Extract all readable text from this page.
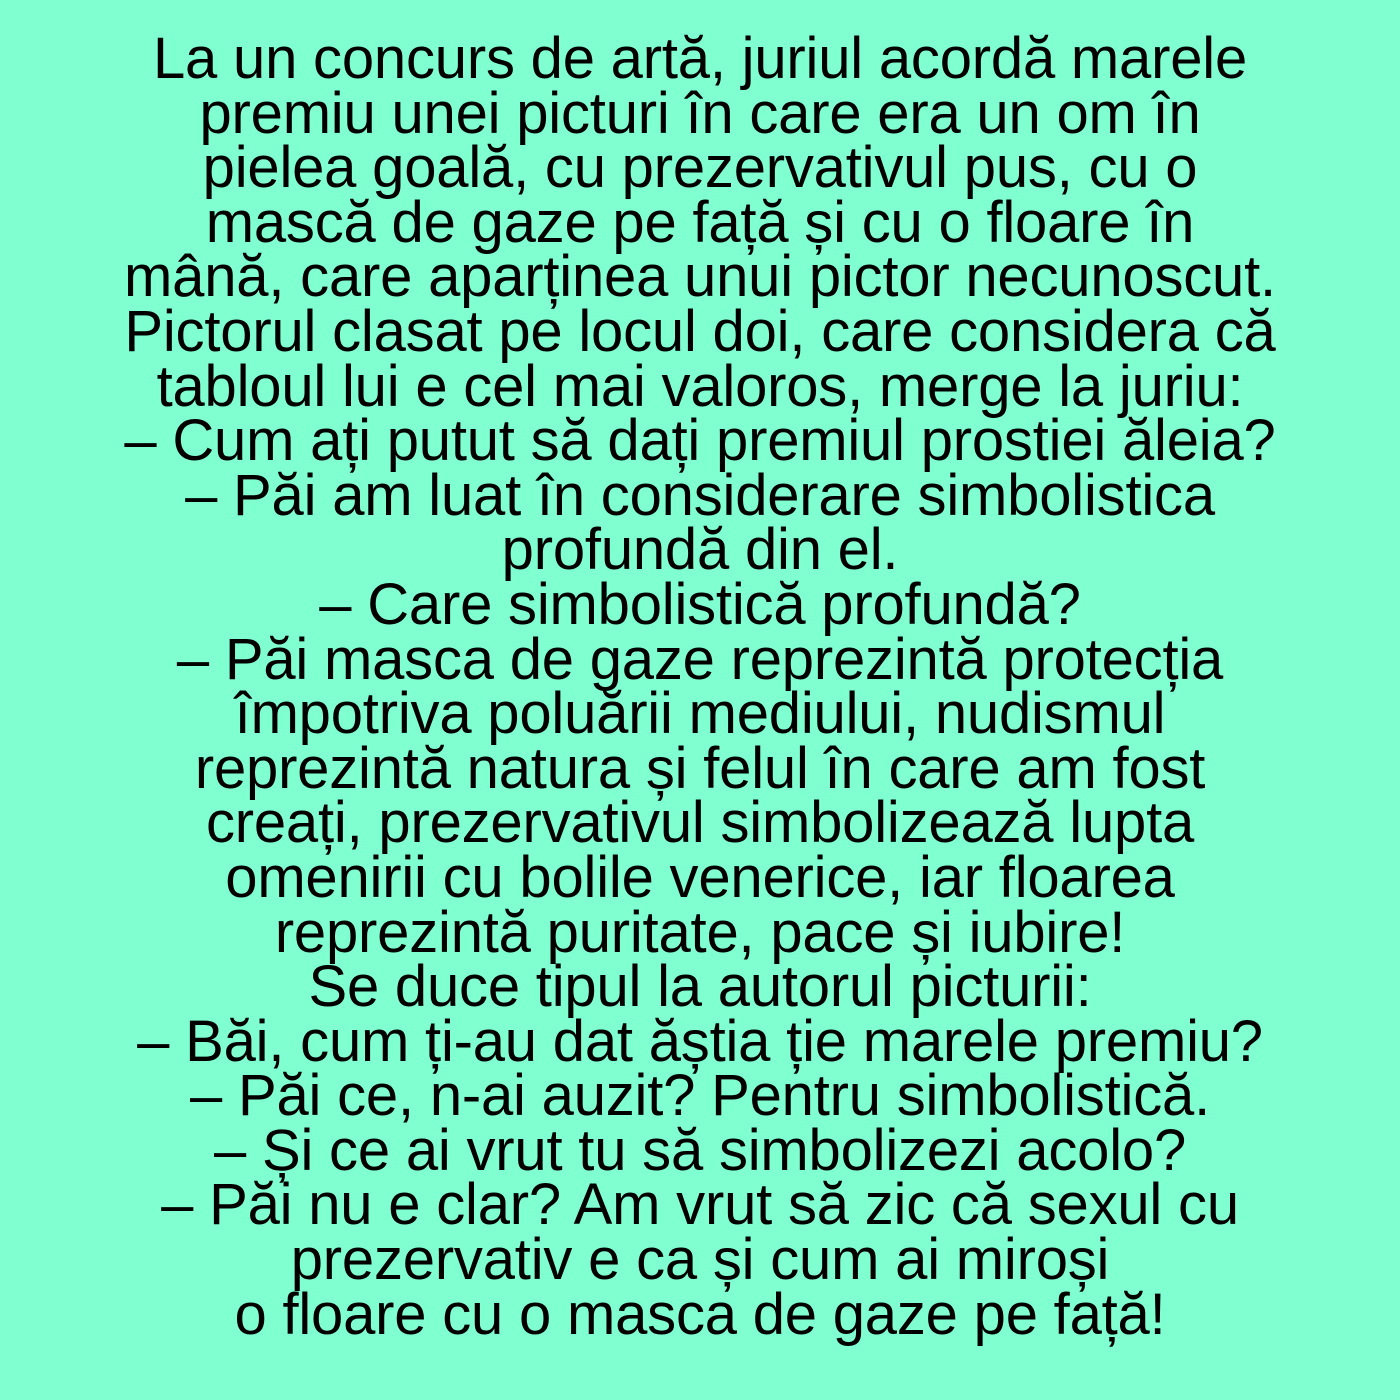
La un concurs de artă, juriul acordă marele
premiu unei picturi în care era un om în
pielea goală, cu prezervativul pus, cu o
mască de gaze pe față și cu o floare în
mână, care aparținea unui pictor necunoscut.
Pictorul clasat pe locul doi, care considera că
tabloul lui e cel mai valoros, merge la juriu:
– Cum ați putut să dați premiul prostiei ăleia?
– Păi am luat în considerare simbolistica
profundă din el.
– Care simbolistică profundă?
– Păi masca de gaze reprezintă protecția
împotriva poluării mediului, nudismul
reprezintă natura și felul în care am fost
creați, prezervativul simbolizează lupta
omenirii cu bolile venerice, iar floarea
reprezintă puritate, pace și iubire!
Se duce tipul la autorul picturii:
– Băi, cum ți-au dat ăștia ție marele premiu?
– Păi ce, n-ai auzit? Pentru simbolistică.
– Și ce ai vrut tu să simbolizezi acolo?
– Păi nu e clar? Am vrut să zic că sexul cu
prezervativ e ca și cum ai miroși
o floare cu o masca de gaze pe față!
